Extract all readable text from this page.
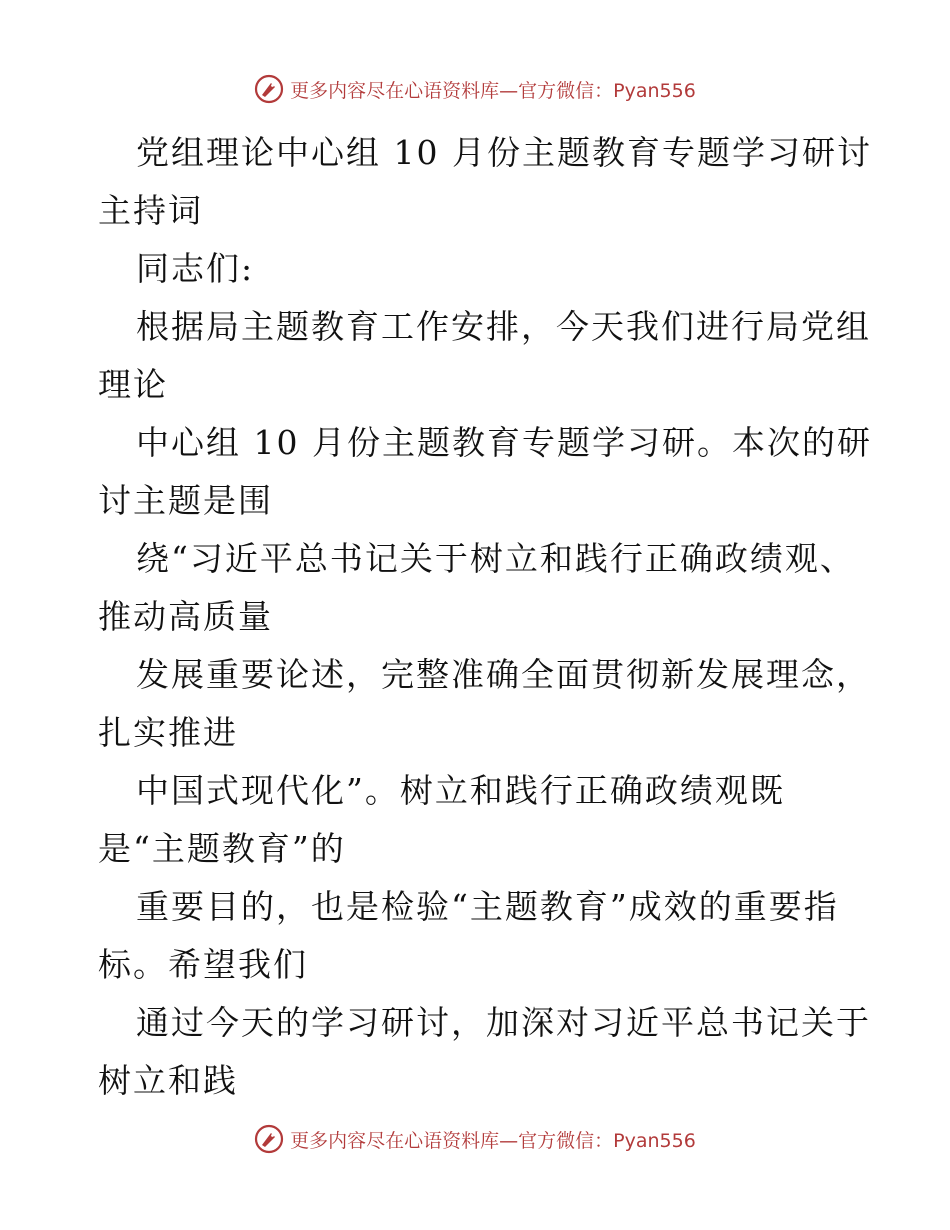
更多内容尽在心语资料库—官方微信：Pyan556
党组理论中心组 10 月份主题教育专题学习研讨
主持词
同志们:
根据局主题教育工作安排，今天我们进行局党组
理论
中心组 10 月份主题教育专题学习研。本次的研
讨主题是围
绕“习近平总书记关于树立和践行正确政绩观、
推动高质量
发展重要论述，完整准确全面贯彻新发展理念，
扎实推进
中国式现代化”。树立和践行正确政绩观既
是“主题教育”的
重要目的，也是检验“主题教育”成效的重要指
标。希望我们
通过今天的学习研讨，加深对习近平总书记关于
树立和践
更多内容尽在心语资料库—官方微信：Pyan556
